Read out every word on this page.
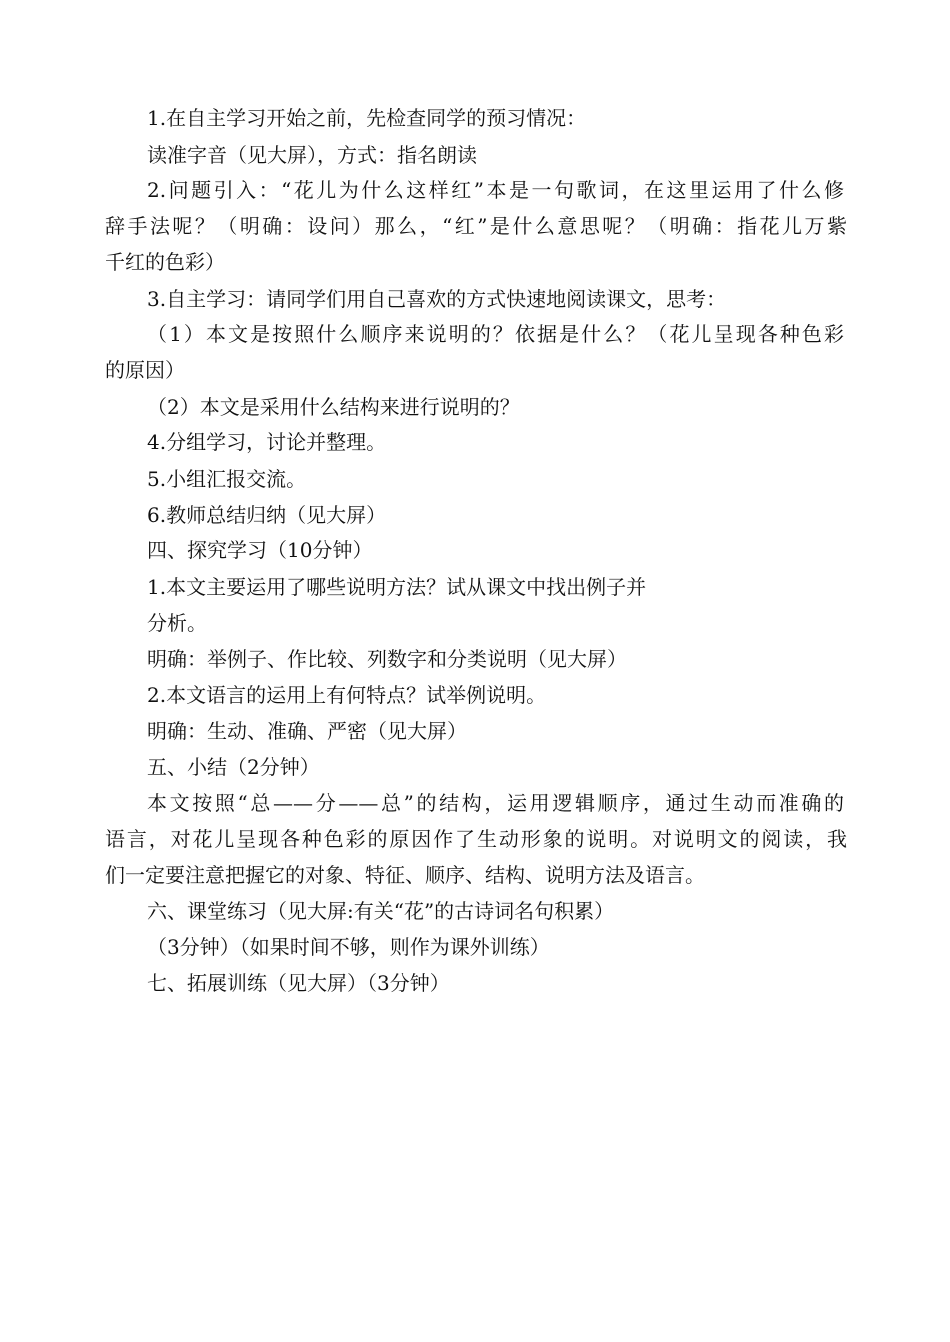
1.在自主学习开始之前，先检查同学的预习情况：

读准字音（见大屏），方式：指名朗读

2.问题引入：“花儿为什么这样红”本是一句歌词，在这里运用了什么修

辞手法呢？（明确：设问）那么，“红”是什么意思呢？（明确：指花儿万紫

千红的色彩）

3.自主学习：请同学们用自己喜欢的方式快速地阅读课文，思考：

（1）本文是按照什么顺序来说明的？依据是什么？（花儿呈现各种色彩

的原因）

（2）本文是采用什么结构来进行说明的？

4.分组学习，讨论并整理。

5.小组汇报交流。

6.教师总结归纳（见大屏）

四、探究学习（10分钟）

1.本文主要运用了哪些说明方法？试从课文中找出例子并

分析。

明确：举例子、作比较、列数字和分类说明（见大屏）

2.本文语言的运用上有何特点？试举例说明。

明确：生动、准确、严密（见大屏）

五、小结（2分钟）

本文按照“总——分——总”的结构，运用逻辑顺序，通过生动而准确的

语言，对花儿呈现各种色彩的原因作了生动形象的说明。对说明文的阅读，我

们一定要注意把握它的对象、特征、顺序、结构、说明方法及语言。

六、课堂练习（见大屏:有关“花”的古诗词名句积累）

（3分钟）（如果时间不够，则作为课外训练）

七、拓展训练（见大屏）（3分钟）
